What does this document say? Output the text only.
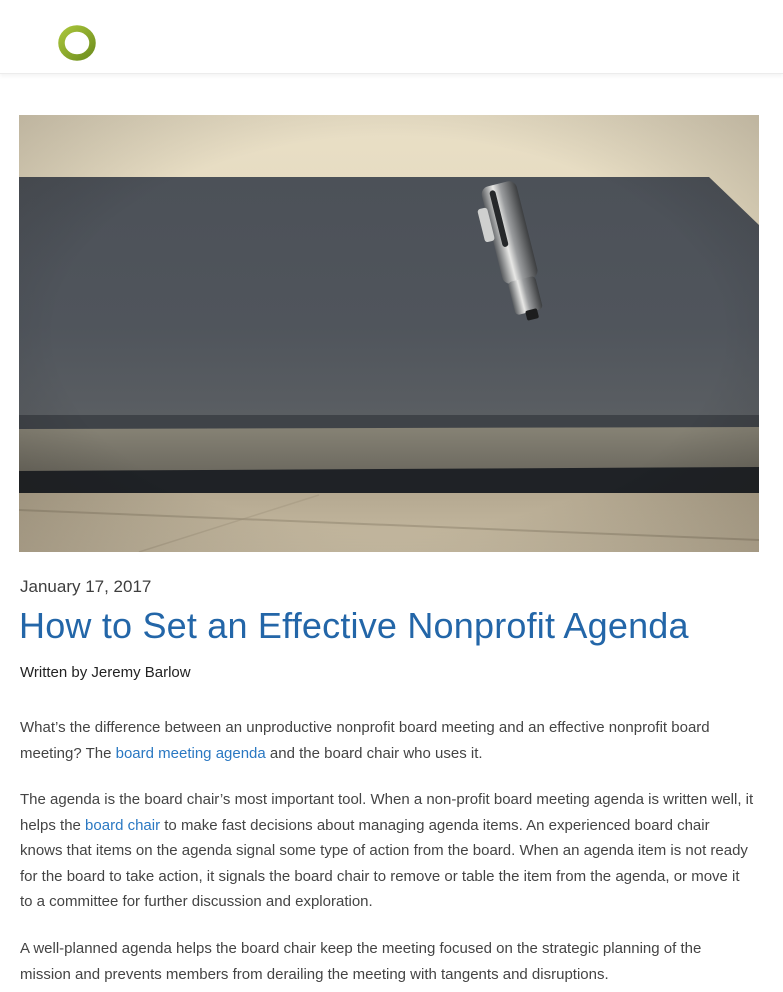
January 17, 2017
How to Set an Effective Nonprofit Agenda
Written by Jeremy Barlow

What’s the difference between an unproductive nonprofit board meeting and an effective nonprofit board meeting? The board meeting agenda and the board chair who uses it.

The agenda is the board chair’s most important tool. When a non-profit board meeting agenda is written well, it helps the board chair to make fast decisions about managing agenda items. An experienced board chair knows that items on the agenda signal some type of action from the board. When an agenda item is not ready for the board to take action, it signals the board chair to remove or table the item from the agenda, or move it to a committee for further discussion and exploration.

A well-planned agenda helps the board chair keep the meeting focused on the strategic planning of the mission and prevents members from derailing the meeting with tangents and disruptions.
